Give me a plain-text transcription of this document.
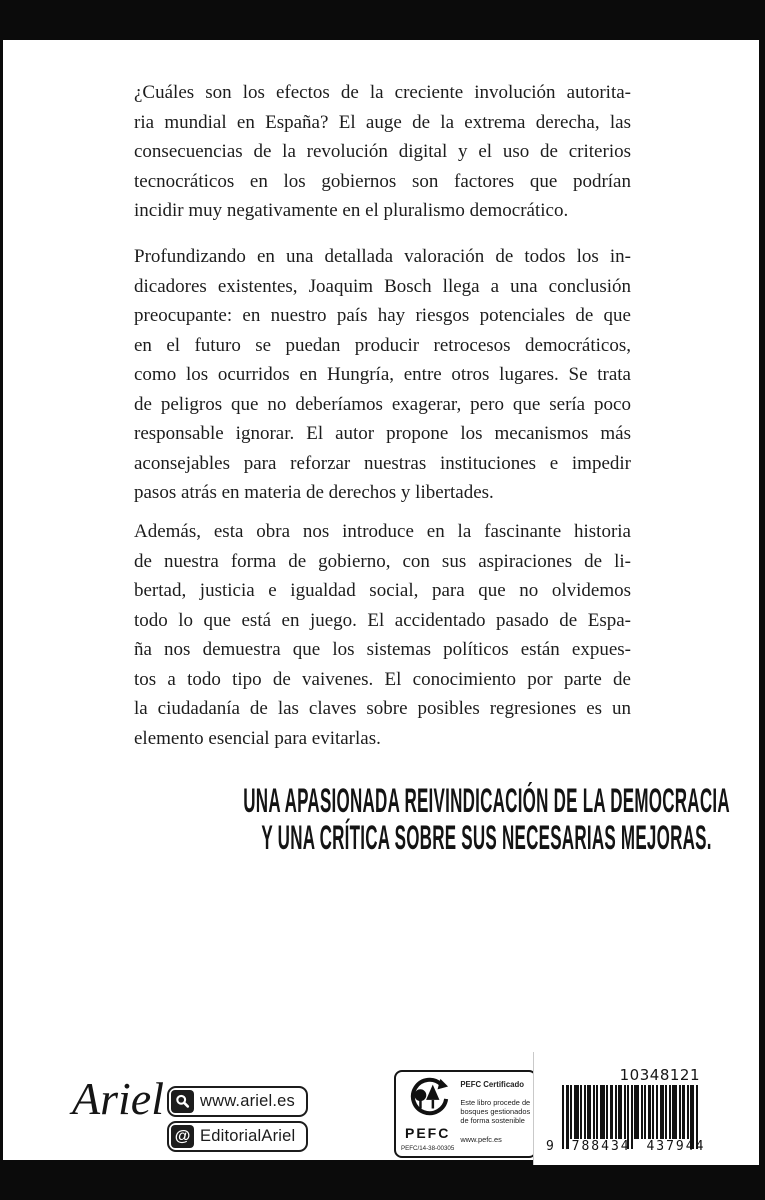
¿Cuáles son los efectos de la creciente involución autorita-
ria mundial en España? El auge de la extrema derecha, las
consecuencias de la revolución digital y el uso de criterios
tecnocráticos en los gobiernos son factores que podrían
incidir muy negativamente en el pluralismo democrático.
Profundizando en una detallada valoración de todos los in-
dicadores existentes, Joaquim Bosch llega a una conclusión
preocupante: en nuestro país hay riesgos potenciales de que
en el futuro se puedan producir retrocesos democráticos,
como los ocurridos en Hungría, entre otros lugares. Se trata
de peligros que no deberíamos exagerar, pero que sería poco
responsable ignorar. El autor propone los mecanismos más
aconsejables para reforzar nuestras instituciones e impedir
pasos atrás en materia de derechos y libertades.
Además, esta obra nos introduce en la fascinante historia
de nuestra forma de gobierno, con sus aspiraciones de li-
bertad, justicia e igualdad social, para que no olvidemos
todo lo que está en juego. El accidentado pasado de Espa-
ña nos demuestra que los sistemas políticos están expues-
tos a todo tipo de vaivenes. El conocimiento por parte de
la ciudadanía de las claves sobre posibles regresiones es un
elemento esencial para evitarlas.
UNA APASIONADA REIVINDICACIÓN DE LA DEMOCRACIA
Y UNA CRÍTICA SOBRE SUS NECESARIAS MEJORAS.
Ariel www.ariel.es
@ EditorialAriel	PEFC
PEFC/14-38-00305
PEFC Certificado
Este libro procede de bosques gestionados de forma sostenible
www.pefc.es
10348121
9 788434 437944
